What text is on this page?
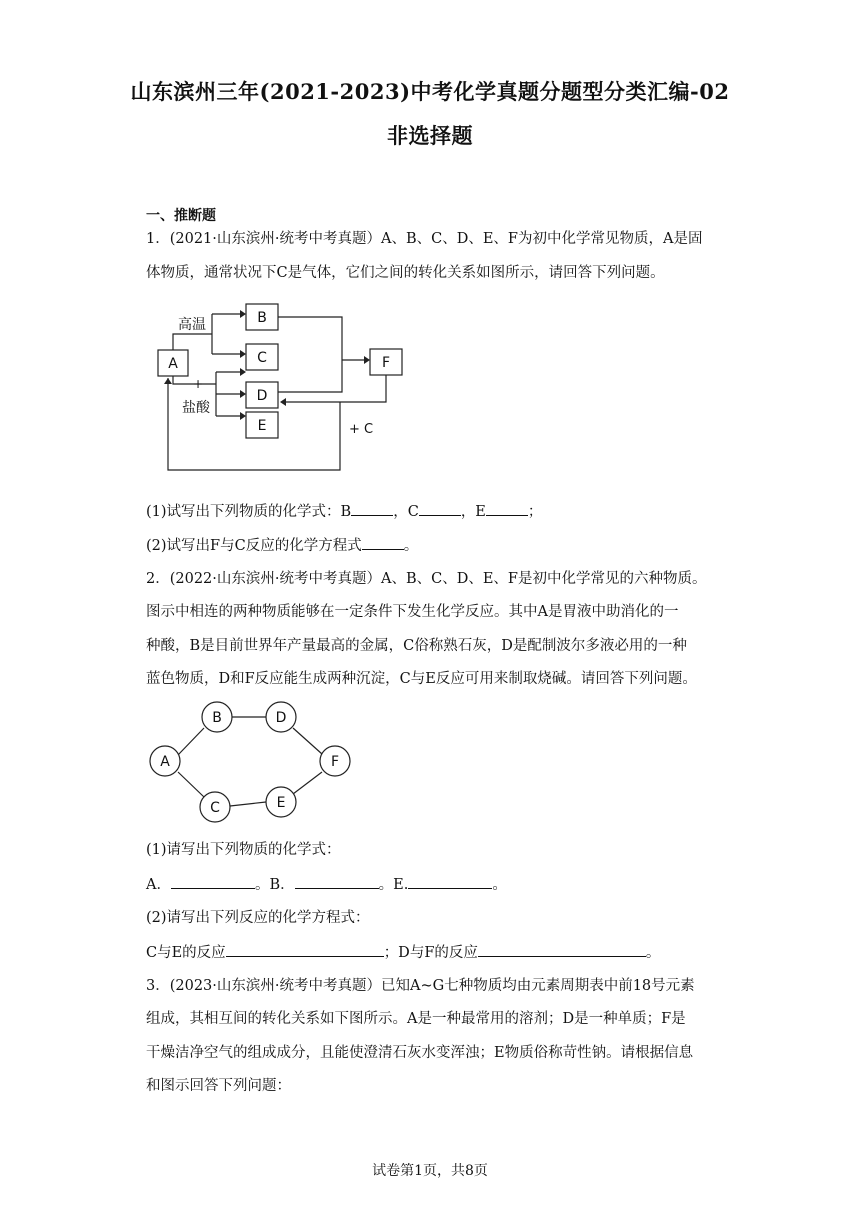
山东滨州三年(2021-2023)中考化学真题分题型分类汇编-02
非选择题
一、推断题
1．(2021·山东滨州·统考中考真题）A、B、C、D、E、F为初中化学常见物质，A是固
体物质，通常状况下C是气体，它们之间的转化关系如图所示，请回答下列问题。
A
B
C
D
E
F
高温
+
盐酸
+ C
(1)试写出下列物质的化学式：B	，C	，E	；
(2)试写出F与C反应的化学方程式	。
2．(2022·山东滨州·统考中考真题）A、B、C、D、E、F是初中化学常见的六种物质。
图示中相连的两种物质能够在一定条件下发生化学反应。其中A是胃液中助消化的一
种酸，B是目前世界年产量最高的金属，C俗称熟石灰，D是配制波尔多液必用的一种
蓝色物质，D和F反应能生成两种沉淀，C与E反应可用来制取烧碱。请回答下列问题。
A
B	D
F
E
C
(1)请写出下列物质的化学式：
A．	。B．	。E.	。
(2)请写出下列反应的化学方程式：
C与E的反应	；D与F的反应	。
3．(2023·山东滨州·统考中考真题）已知A~G七种物质均由元素周期表中前18号元素
组成，其相互间的转化关系如下图所示。A是一种最常用的溶剂；D是一种单质；F是
干燥洁净空气的组成成分，且能使澄清石灰水变浑浊；E物质俗称苛性钠。请根据信息
和图示回答下列问题：
试卷第1页，共8页
